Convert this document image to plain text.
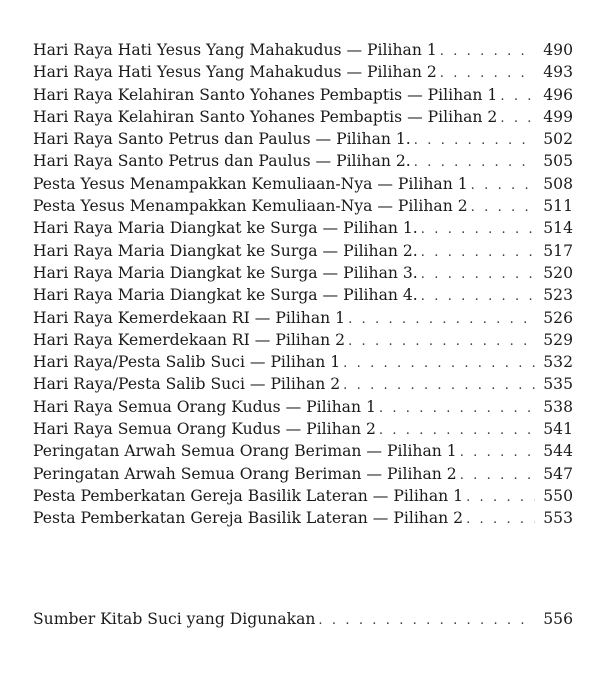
Hari Raya Hati Yesus Yang Mahakudus — Pilihan 1 . . .	490
Hari Raya Hati Yesus Yang Mahakudus — Pilihan 2 . . .	493
Hari Raya Kelahiran Santo Yohanes Pembaptis — Pilihan 1 . . .	496
Hari Raya Kelahiran Santo Yohanes Pembaptis — Pilihan 2 . . .	499
Hari Raya Santo Petrus dan Paulus — Pilihan 1. . . .	502
Hari Raya Santo Petrus dan Paulus — Pilihan 2. . . .	505
Pesta Yesus Menampakkan Kemuliaan-Nya — Pilihan 1 . . .	508
Pesta Yesus Menampakkan Kemuliaan-Nya — Pilihan 2 . . .	511
Hari Raya Maria Diangkat ke Surga — Pilihan 1. . . .	514
Hari Raya Maria Diangkat ke Surga — Pilihan 2. . . .	517
Hari Raya Maria Diangkat ke Surga — Pilihan 3. . . .	520
Hari Raya Maria Diangkat ke Surga — Pilihan 4. . . .	523
Hari Raya Kemerdekaan RI — Pilihan 1 . . .	526
Hari Raya Kemerdekaan RI — Pilihan 2 . . .	529
Hari Raya/Pesta Salib Suci — Pilihan 1 . . .	532
Hari Raya/Pesta Salib Suci — Pilihan 2 . . .	535
Hari Raya Semua Orang Kudus — Pilihan 1 . . .	538
Hari Raya Semua Orang Kudus — Pilihan 2 . . .	541
Peringatan Arwah Semua Orang Beriman — Pilihan 1 . . .	544
Peringatan Arwah Semua Orang Beriman — Pilihan 2 . . .	547
Pesta Pemberkatan Gereja Basilik Lateran — Pilihan 1 . . .	550
Pesta Pemberkatan Gereja Basilik Lateran — Pilihan 2 . . .	553
Sumber Kitab Suci yang Digunakan . . .	556
